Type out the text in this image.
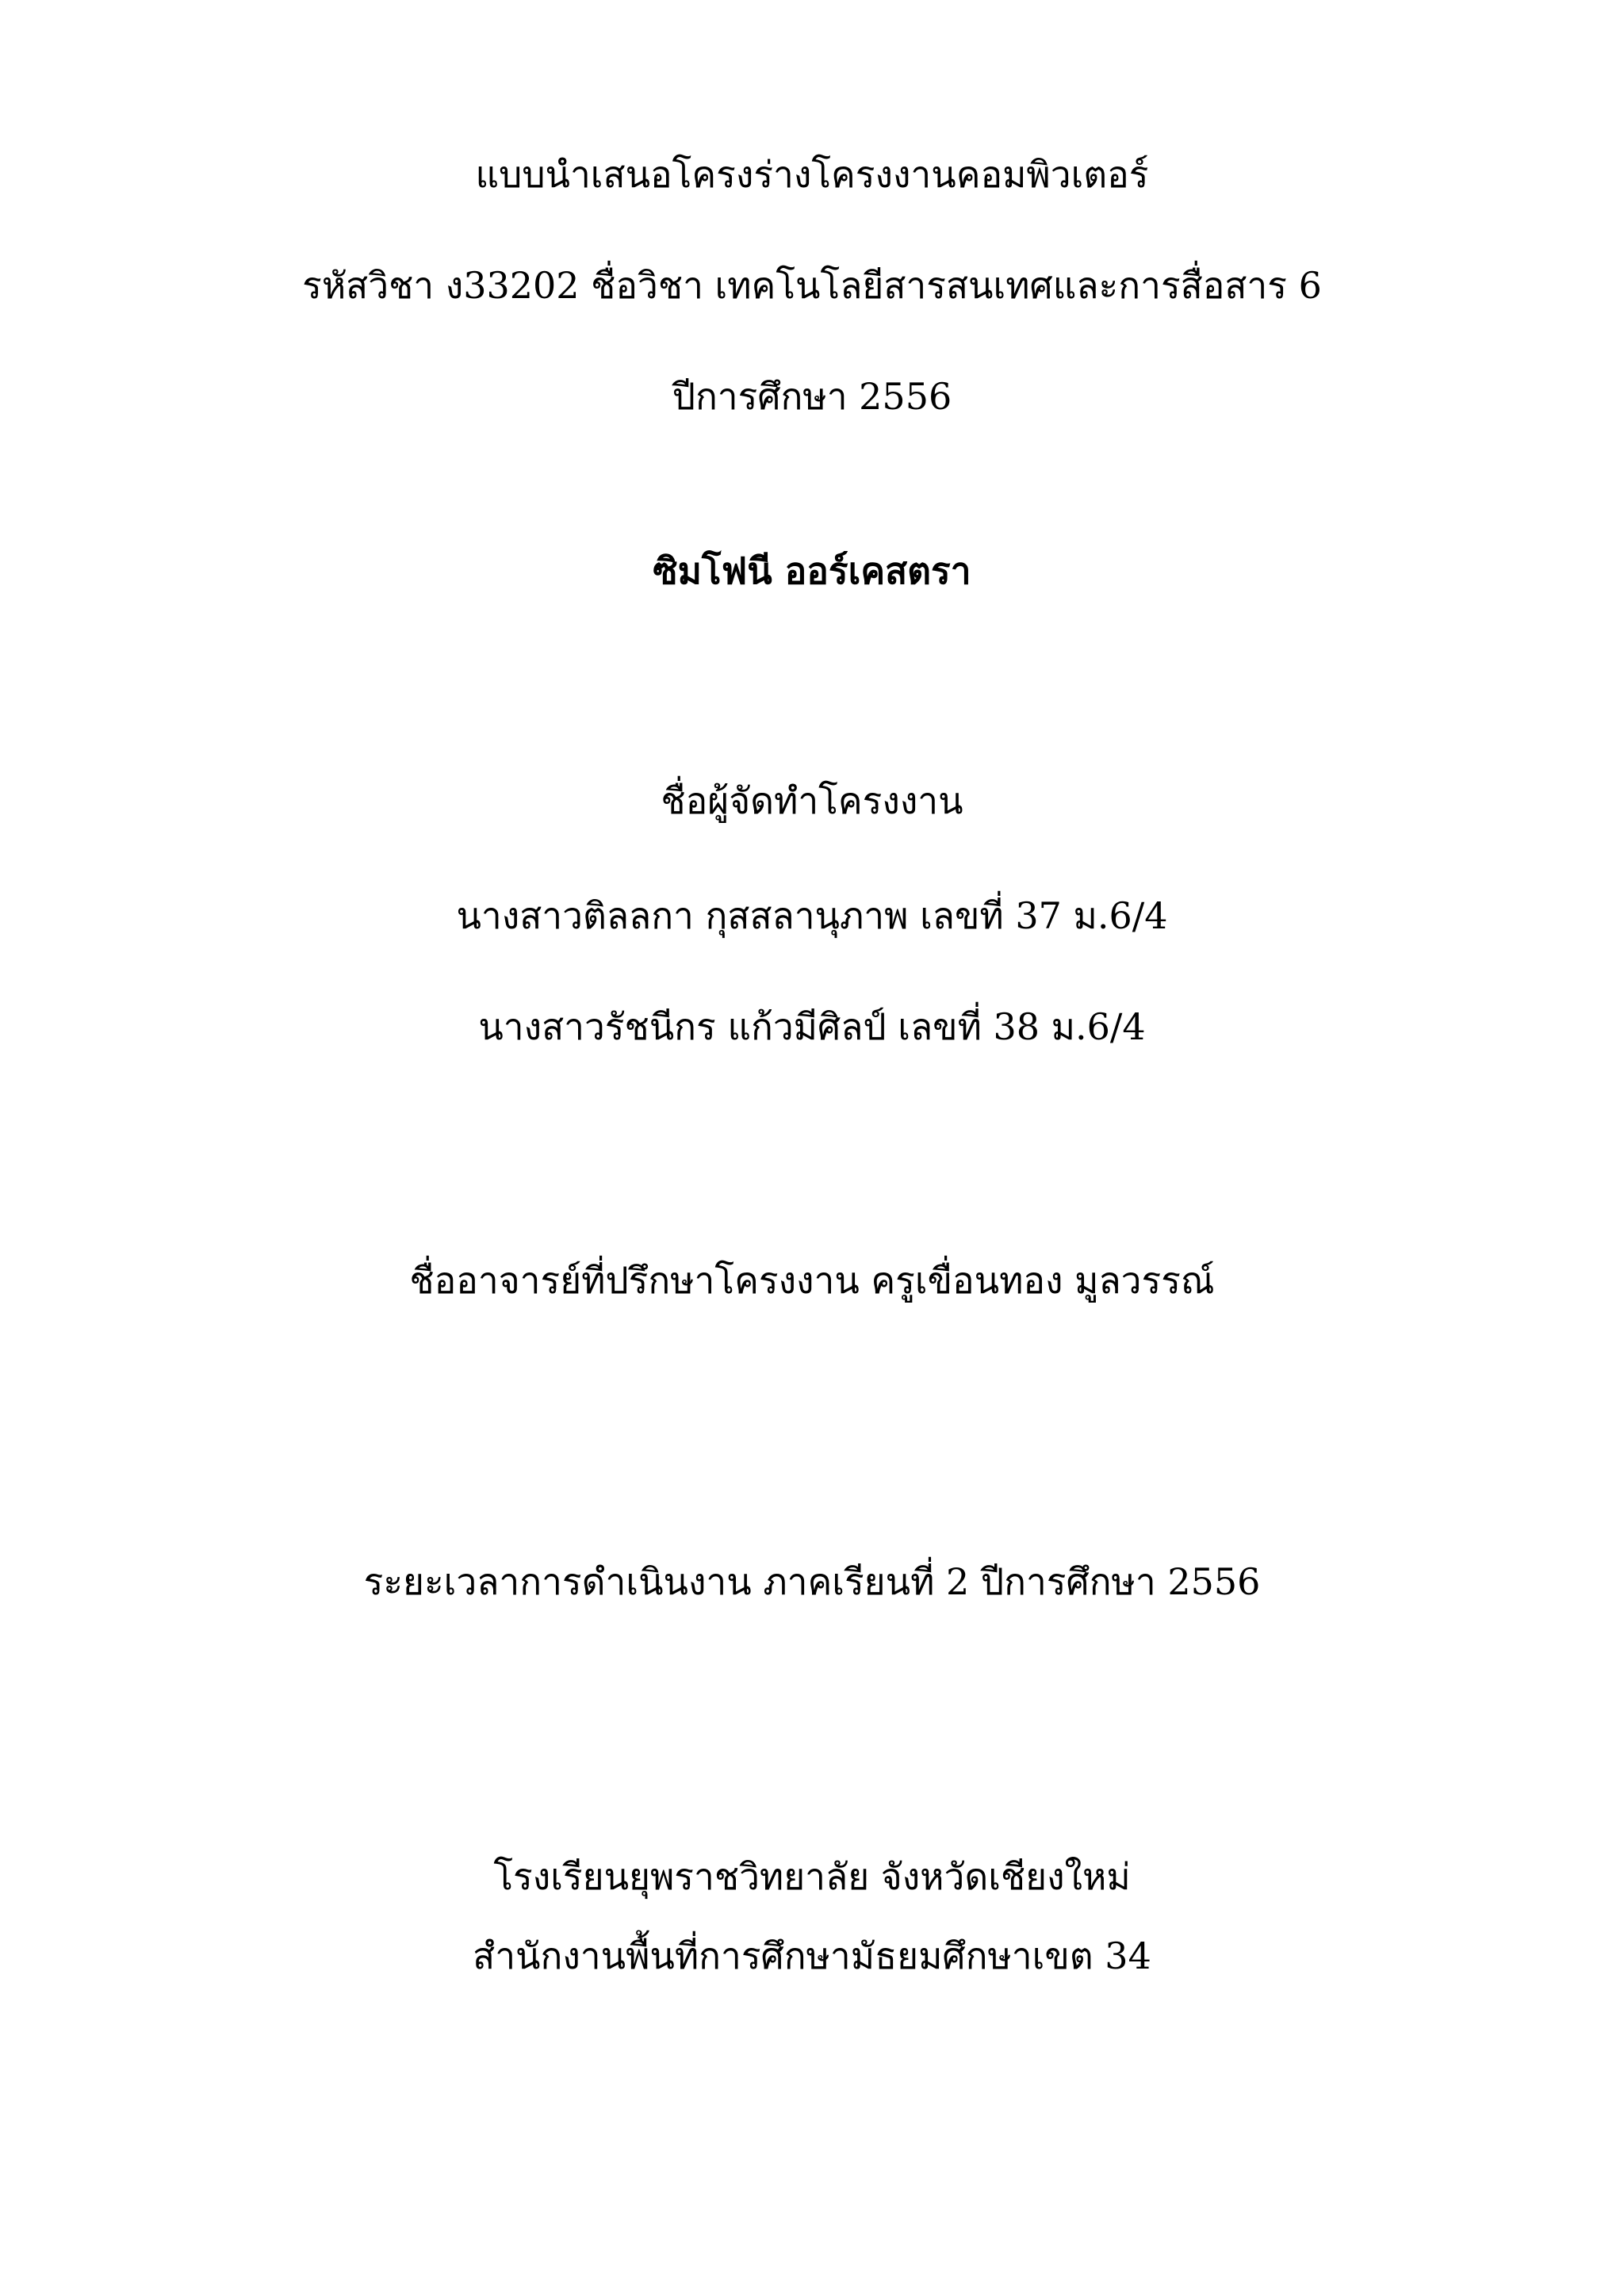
แบบนำเสนอโครงร่างโครงงานคอมพิวเตอร์
รหัสวิชา ง33202 ชื่อวิชา เทคโนโลยีสารสนเทศและการสื่อสาร 6
ปีการศึกษา 2556
ซิมโฟนี ออร์เคสตรา
ชื่อผู้จัดทำโครงงาน
นางสาวติลลกา กุสสลานุภาพ เลขที่ 37 ม.6/4
นางสาวรัชนีกร แก้วมีศิลป์ เลขที่ 38 ม.6/4
ชื่ออาจารย์ที่ปรึกษาโครงงาน ครูเขื่อนทอง มูลวรรณ์
ระยะเวลาการดำเนินงาน ภาคเรียนที่ 2 ปีการศึกษา 2556
โรงเรียนยุพราชวิทยาลัย จังหวัดเชียงใหม่
สำนักงานพื้นที่การศึกษามัธยมศึกษาเขต 34
